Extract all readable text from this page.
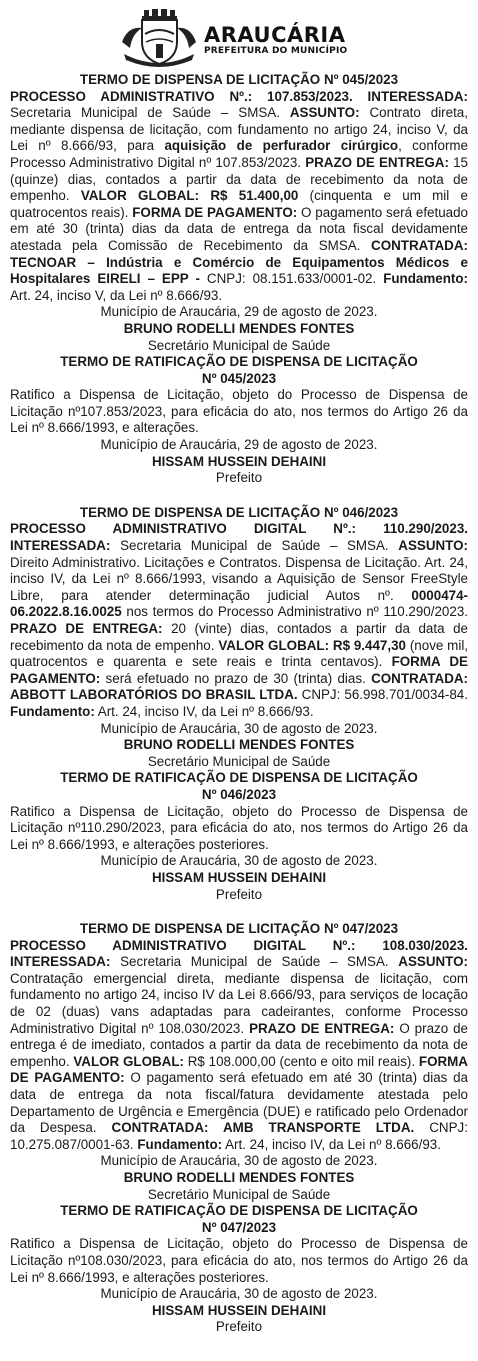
ARAUCÁRIA
PREFEITURA DO MUNICÍPIO
TERMO DE DISPENSA DE LICITAÇÃO Nº 045/2023
PROCESSO ADMINISTRATIVO Nº.: 107.853/2023. INTERESSADA: Secretaria Municipal de Saúde – SMSA. ASSUNTO: Contrato direta, mediante dispensa de licitação, com fundamento no artigo 24, inciso V, da Lei nº 8.666/93, para aquisição de perfurador cirúrgico, conforme Processo Administrativo Digital nº 107.853/2023. PRAZO DE ENTREGA: 15 (quinze) dias, contados a partir da data de recebimento da nota de empenho. VALOR GLOBAL: R$ 51.400,00 (cinquenta e um mil e quatrocentos reais). FORMA DE PAGAMENTO: O pagamento será efetuado em até 30 (trinta) dias da data de entrega da nota fiscal devidamente atestada pela Comissão de Recebimento da SMSA. CONTRATADA: TECNOAR – Indústria e Comércio de Equipamentos Médicos e Hospitalares EIRELI – EPP - CNPJ: 08.151.633/0001-02. Fundamento: Art. 24, inciso V, da Lei nº 8.666/93.
Município de Araucária, 29 de agosto de 2023.
BRUNO RODELLI MENDES FONTES
Secretário Municipal de Saúde
TERMO DE RATIFICAÇÃO DE DISPENSA DE LICITAÇÃO
Nº 045/2023
Ratifico a Dispensa de Licitação, objeto do Processo de Dispensa de Licitação nº107.853/2023, para eficácia do ato, nos termos do Artigo 26 da Lei nº 8.666/1993, e alterações.
Município de Araucária, 29 de agosto de 2023.
HISSAM HUSSEIN DEHAINI
Prefeito
TERMO DE DISPENSA DE LICITAÇÃO Nº 046/2023
PROCESSO ADMINISTRATIVO DIGITAL Nº.: 110.290/2023. INTERESSADA: Secretaria Municipal de Saúde – SMSA. ASSUNTO: Direito Administrativo. Licitações e Contratos. Dispensa de Licitação. Art. 24, inciso IV, da Lei nº 8.666/1993, visando a Aquisição de Sensor FreeStyle Libre, para atender determinação judicial Autos nº. 0000474-06.2022.8.16.0025 nos termos do Processo Administrativo nº 110.290/2023. PRAZO DE ENTREGA: 20 (vinte) dias, contados a partir da data de recebimento da nota de empenho. VALOR GLOBAL: R$ 9.447,30 (nove mil, quatrocentos e quarenta e sete reais e trinta centavos). FORMA DE PAGAMENTO: será efetuado no prazo de 30 (trinta) dias. CONTRATADA: ABBOTT LABORATÓRIOS DO BRASIL LTDA. CNPJ: 56.998.701/0034-84. Fundamento: Art. 24, inciso IV, da Lei nº 8.666/93.
Município de Araucária, 30 de agosto de 2023.
BRUNO RODELLI MENDES FONTES
Secretário Municipal de Saúde
TERMO DE RATIFICAÇÃO DE DISPENSA DE LICITAÇÃO
Nº 046/2023
Ratifico a Dispensa de Licitação, objeto do Processo de Dispensa de Licitação nº110.290/2023, para eficácia do ato, nos termos do Artigo 26 da Lei nº 8.666/1993, e alterações posteriores.
Município de Araucária, 30 de agosto de 2023.
HISSAM HUSSEIN DEHAINI
Prefeito
TERMO DE DISPENSA DE LICITAÇÃO Nº 047/2023
PROCESSO ADMINISTRATIVO DIGITAL Nº.: 108.030/2023. INTERESSADA: Secretaria Municipal de Saúde – SMSA. ASSUNTO: Contratação emergencial direta, mediante dispensa de licitação, com fundamento no artigo 24, inciso IV da Lei 8.666/93, para serviços de locação de 02 (duas) vans adaptadas para cadeirantes, conforme Processo Administrativo Digital nº 108.030/2023. PRAZO DE ENTREGA: O prazo de entrega é de imediato, contados a partir da data de recebimento da nota de empenho. VALOR GLOBAL: R$ 108.000,00 (cento e oito mil reais). FORMA DE PAGAMENTO: O pagamento será efetuado em até 30 (trinta) dias da data de entrega da nota fiscal/fatura devidamente atestada pelo Departamento de Urgência e Emergência (DUE) e ratificado pelo Ordenador da Despesa. CONTRATADA: AMB TRANSPORTE LTDA. CNPJ: 10.275.087/0001-63. Fundamento: Art. 24, inciso IV, da Lei nº 8.666/93.
Município de Araucária, 30 de agosto de 2023.
BRUNO RODELLI MENDES FONTES
Secretário Municipal de Saúde
TERMO DE RATIFICAÇÃO DE DISPENSA DE LICITAÇÃO
Nº 047/2023
Ratifico a Dispensa de Licitação, objeto do Processo de Dispensa de Licitação nº108.030/2023, para eficácia do ato, nos termos do Artigo 26 da Lei nº 8.666/1993, e alterações posteriores.
Município de Araucária, 30 de agosto de 2023.
HISSAM HUSSEIN DEHAINI
Prefeito
